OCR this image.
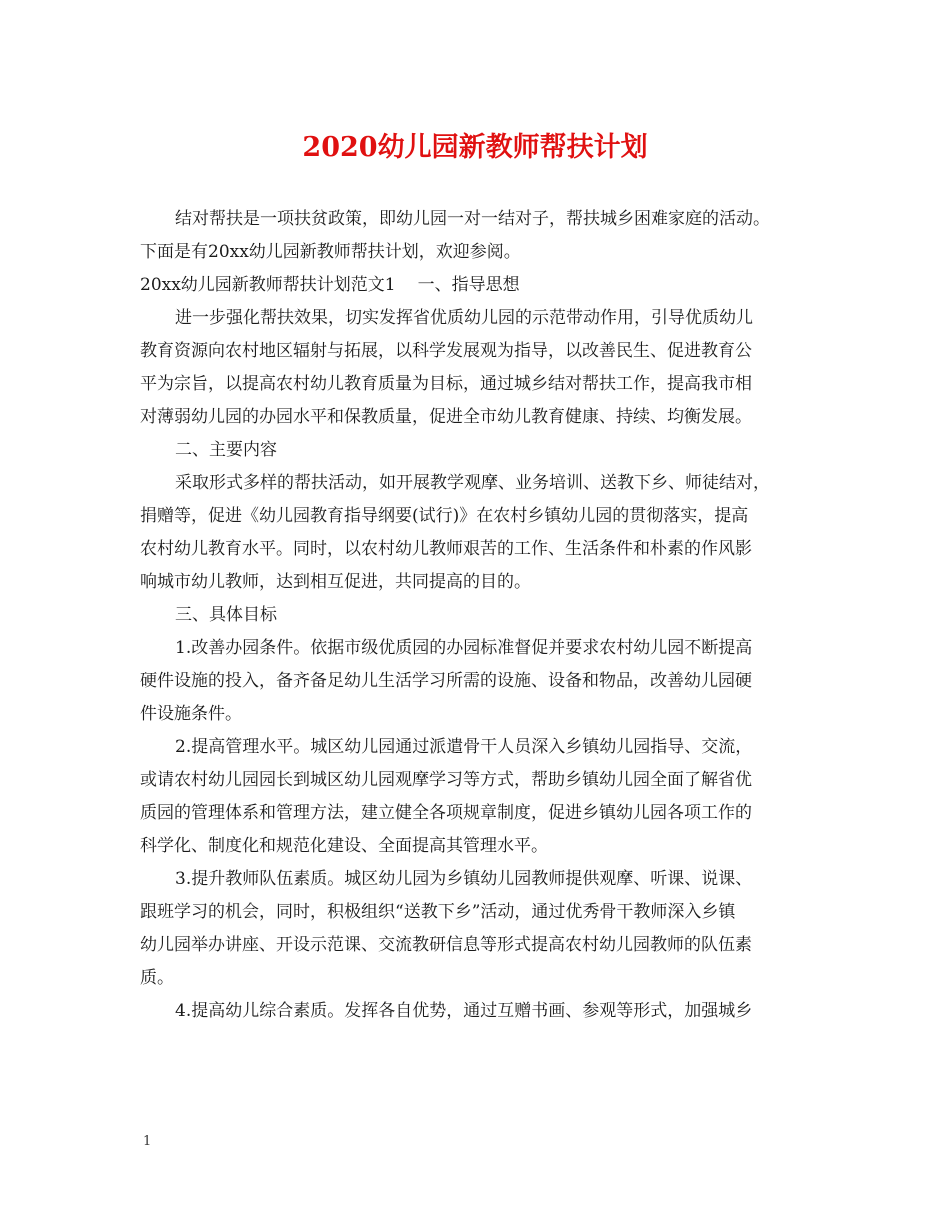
2020幼儿园新教师帮扶计划
结对帮扶是一项扶贫政策，即幼儿园一对一结对子，帮扶城乡困难家庭的活动。
下面是有20xx幼儿园新教师帮扶计划，欢迎参阅。
20xx幼儿园新教师帮扶计划范文1 一、指导思想
进一步强化帮扶效果，切实发挥省优质幼儿园的示范带动作用，引导优质幼儿
教育资源向农村地区辐射与拓展，以科学发展观为指导，以改善民生、促进教育公
平为宗旨，以提高农村幼儿教育质量为目标，通过城乡结对帮扶工作，提高我市相
对薄弱幼儿园的办园水平和保教质量，促进全市幼儿教育健康、持续、均衡发展。
二、主要内容
采取形式多样的帮扶活动，如开展教学观摩、业务培训、送教下乡、师徒结对，
捐赠等，促进《幼儿园教育指导纲要(试行)》在农村乡镇幼儿园的贯彻落实，提高
农村幼儿教育水平。同时，以农村幼儿教师艰苦的工作、生活条件和朴素的作风影
响城市幼儿教师，达到相互促进，共同提高的目的。
三、具体目标
1.改善办园条件。依据市级优质园的办园标准督促并要求农村幼儿园不断提高
硬件设施的投入，备齐备足幼儿生活学习所需的设施、设备和物品，改善幼儿园硬
件设施条件。
2.提高管理水平。城区幼儿园通过派遣骨干人员深入乡镇幼儿园指导、交流，
或请农村幼儿园园长到城区幼儿园观摩学习等方式，帮助乡镇幼儿园全面了解省优
质园的管理体系和管理方法，建立健全各项规章制度，促进乡镇幼儿园各项工作的
科学化、制度化和规范化建设、全面提高其管理水平。
3.提升教师队伍素质。城区幼儿园为乡镇幼儿园教师提供观摩、听课、说课、
跟班学习的机会，同时，积极组织“送教下乡”活动，通过优秀骨干教师深入乡镇
幼儿园举办讲座、开设示范课、交流教研信息等形式提高农村幼儿园教师的队伍素
质。
4.提高幼儿综合素质。发挥各自优势，通过互赠书画、参观等形式，加强城乡
1
